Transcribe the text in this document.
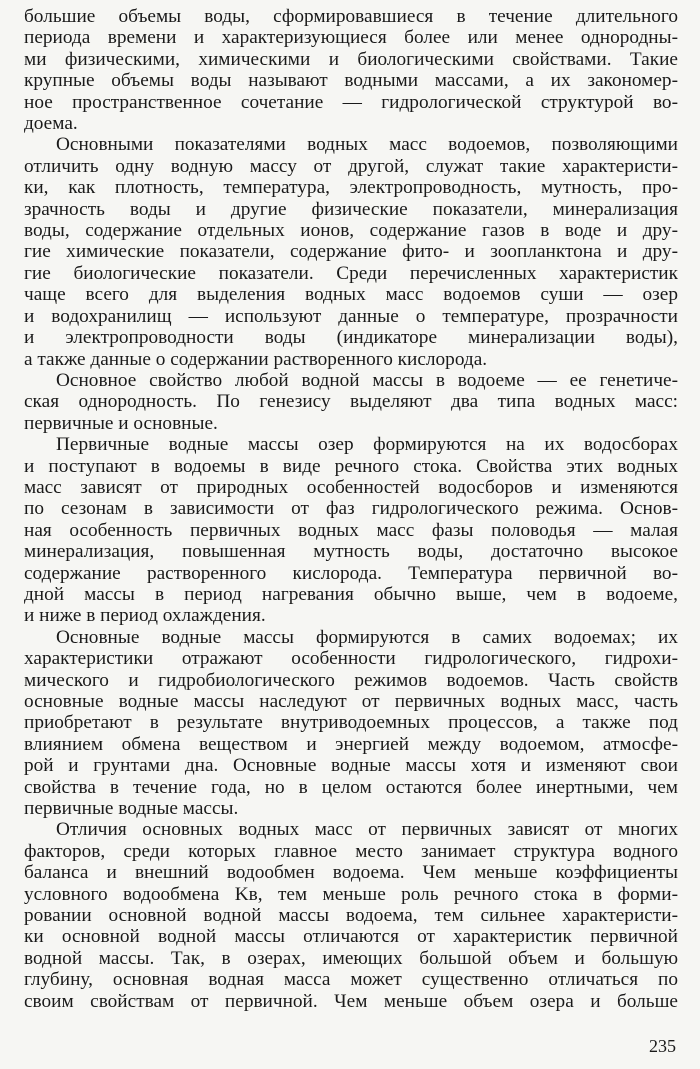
большие объемы воды, сформировавшиеся в течение длительного
периода времени и характеризующиеся более или менее однородны-
ми физическими, химическими и биологическими свойствами. Такие
крупные объемы воды называют водными массами, а их закономер-
ное пространственное сочетание — гидрологической структурой во-
доема.
Основными показателями водных масс водоемов, позволяющими
отличить одну водную массу от другой, служат такие характеристи-
ки, как плотность, температура, электропроводность, мутность, про-
зрачность воды и другие физические показатели, минерализация
воды, содержание отдельных ионов, содержание газов в воде и дру-
гие химические показатели, содержание фито- и зоопланктона и дру-
гие биологические показатели. Среди перечисленных характеристик
чаще всего для выделения водных масс водоемов суши — озер
и водохранилищ — используют данные о температуре, прозрачности
и электропроводности воды (индикаторе минерализации воды),
а также данные о содержании растворенного кислорода.
Основное свойство любой водной массы в водоеме — ее генетиче-
ская однородность. По генезису выделяют два типа водных масс:
первичные и основные.
Первичные водные массы озер формируются на их водосборах
и поступают в водоемы в виде речного стока. Свойства этих водных
масс зависят от природных особенностей водосборов и изменяются
по сезонам в зависимости от фаз гидрологического режима. Основ-
ная особенность первичных водных масс фазы половодья — малая
минерализация, повышенная мутность воды, достаточно высокое
содержание растворенного кислорода. Температура первичной во-
дной массы в период нагревания обычно выше, чем в водоеме,
и ниже в период охлаждения.
Основные водные массы формируются в самих водоемах; их
характеристики отражают особенности гидрологического, гидрохи-
мического и гидробиологического режимов водоемов. Часть свойств
основные водные массы наследуют от первичных водных масс, часть
приобретают в результате внутриводоемных процессов, а также под
влиянием обмена веществом и энергией между водоемом, атмосфе-
рой и грунтами дна. Основные водные массы хотя и изменяют свои
свойства в течение года, но в целом остаются более инертными, чем
первичные водные массы.
Отличия основных водных масс от первичных зависят от многих
факторов, среди которых главное место занимает структура водного
баланса и внешний водообмен водоема. Чем меньше коэффициенты
условного водообмена Kв, тем меньше роль речного стока в форми-
ровании основной водной массы водоема, тем сильнее характеристи-
ки основной водной массы отличаются от характеристик первичной
водной массы. Так, в озерах, имеющих большой объем и большую
глубину, основная водная масса может существенно отличаться по
своим свойствам от первичной. Чем меньше объем озера и больше
235
